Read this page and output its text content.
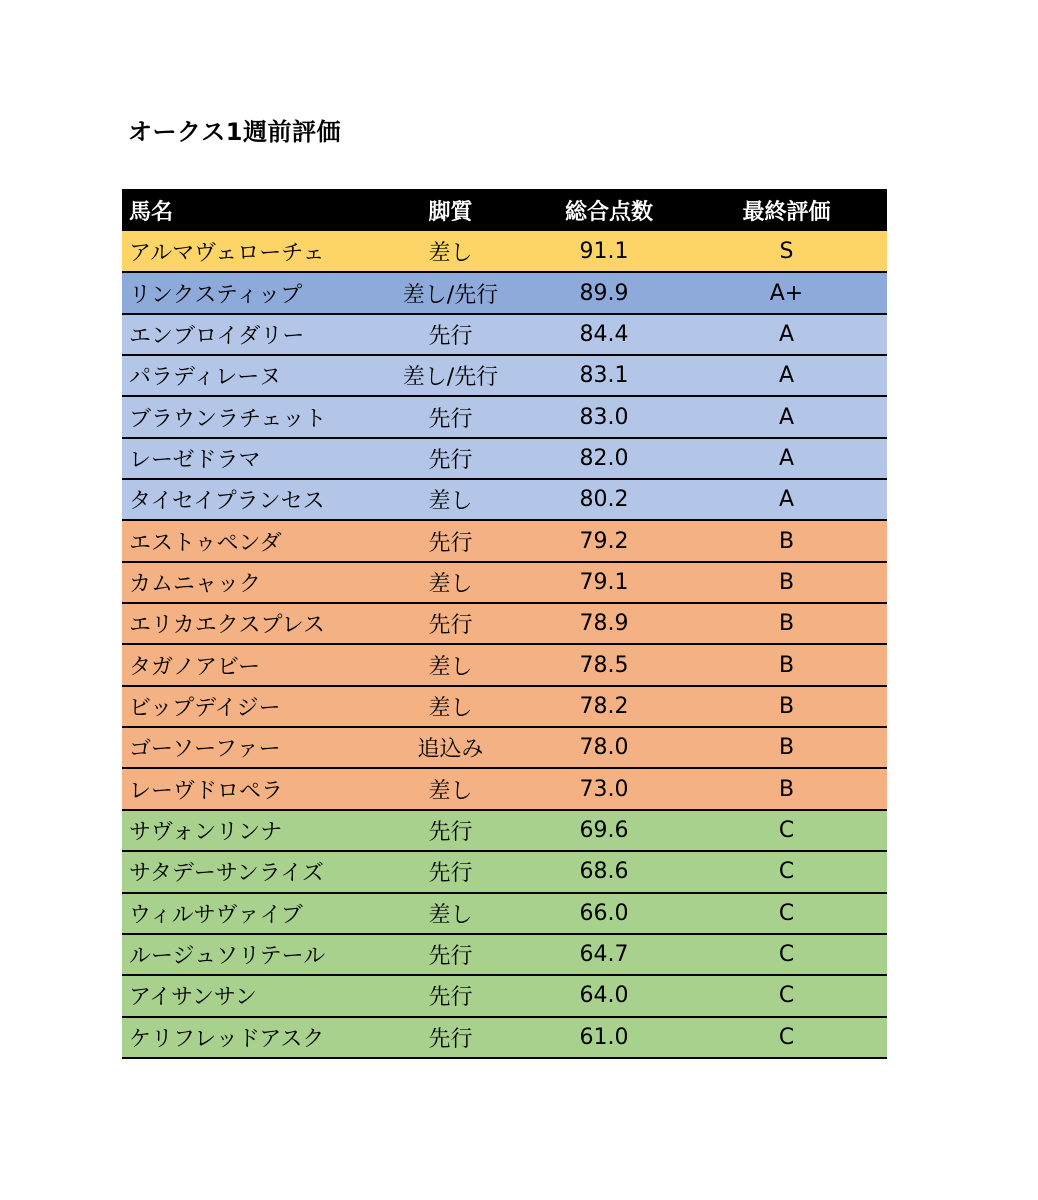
オークス1週前評価
馬名	脚質	総合点数	最終評価
アルマヴェローチェ	差し	91.1	S
リンクスティップ	差し/先行	89.9	A+
エンブロイダリー	先行	84.4	A
パラディレーヌ	差し/先行	83.1	A
ブラウンラチェット	先行	83.0	A
レーゼドラマ	先行	82.0	A
タイセイプランセス	差し	80.2	A
エストゥペンダ	先行	79.2	B
カムニャック	差し	79.1	B
エリカエクスプレス	先行	78.9	B
タガノアビー	差し	78.5	B
ビップデイジー	差し	78.2	B
ゴーソーファー	追込み	78.0	B
レーヴドロペラ	差し	73.0	B
サヴォンリンナ	先行	69.6	C
サタデーサンライズ	先行	68.6	C
ウィルサヴァイブ	差し	66.0	C
ルージュソリテール	先行	64.7	C
アイサンサン	先行	64.0	C
ケリフレッドアスク	先行	61.0	C
